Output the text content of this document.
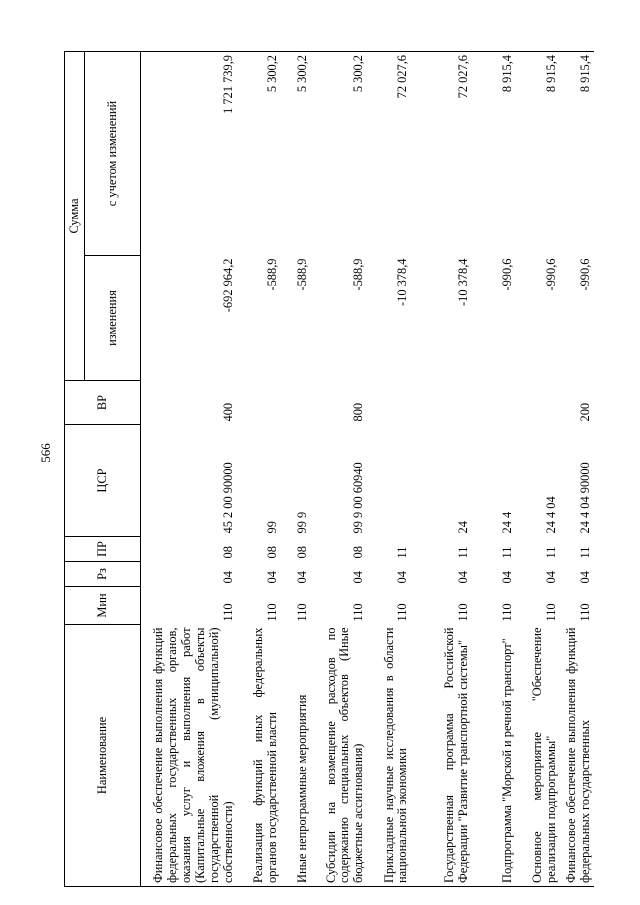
566
Наименование	Мин	Рз	ПР	ЦСР	ВР	Сумма	
						изменения	с учетом изменений
Финансовое обеспечение выполнения функций федеральных государственных органов, оказания услуг и выполнения работ (Капитальные вложения в объекты государственной (муниципальной) собственности)	110	04	08	45 2 00 90000	400	-692 964,2	1 721 739,9
Реализация функций иных федеральных органов государственной власти	110	04	08	99		-588,9	5 300,2
Иные непрограммные мероприятия	110	04	08	99 9		-588,9	5 300,2
Субсидии на возмещение расходов по содержанию специальных объектов (Иные бюджетные ассигнования)	110	04	08	99 9 00 60940	800	-588,9	5 300,2
Прикладные научные исследования в области национальной экономики	110	04	11			-10 378,4	72 027,6
Государственная программа Российской Федерации "Развитие транспортной системы"	110	04	11	24		-10 378,4	72 027,6
Подпрограмма "Морской и речной транспорт"	110	04	11	24 4		-990,6	8 915,4
Основное мероприятие "Обеспечение реализации подпрограммы"	110	04	11	24 4 04		-990,6	8 915,4
Финансовое обеспечение выполнения функций федеральных государственных	110	04	11	24 4 04 90000	200	-990,6	8 915,4
